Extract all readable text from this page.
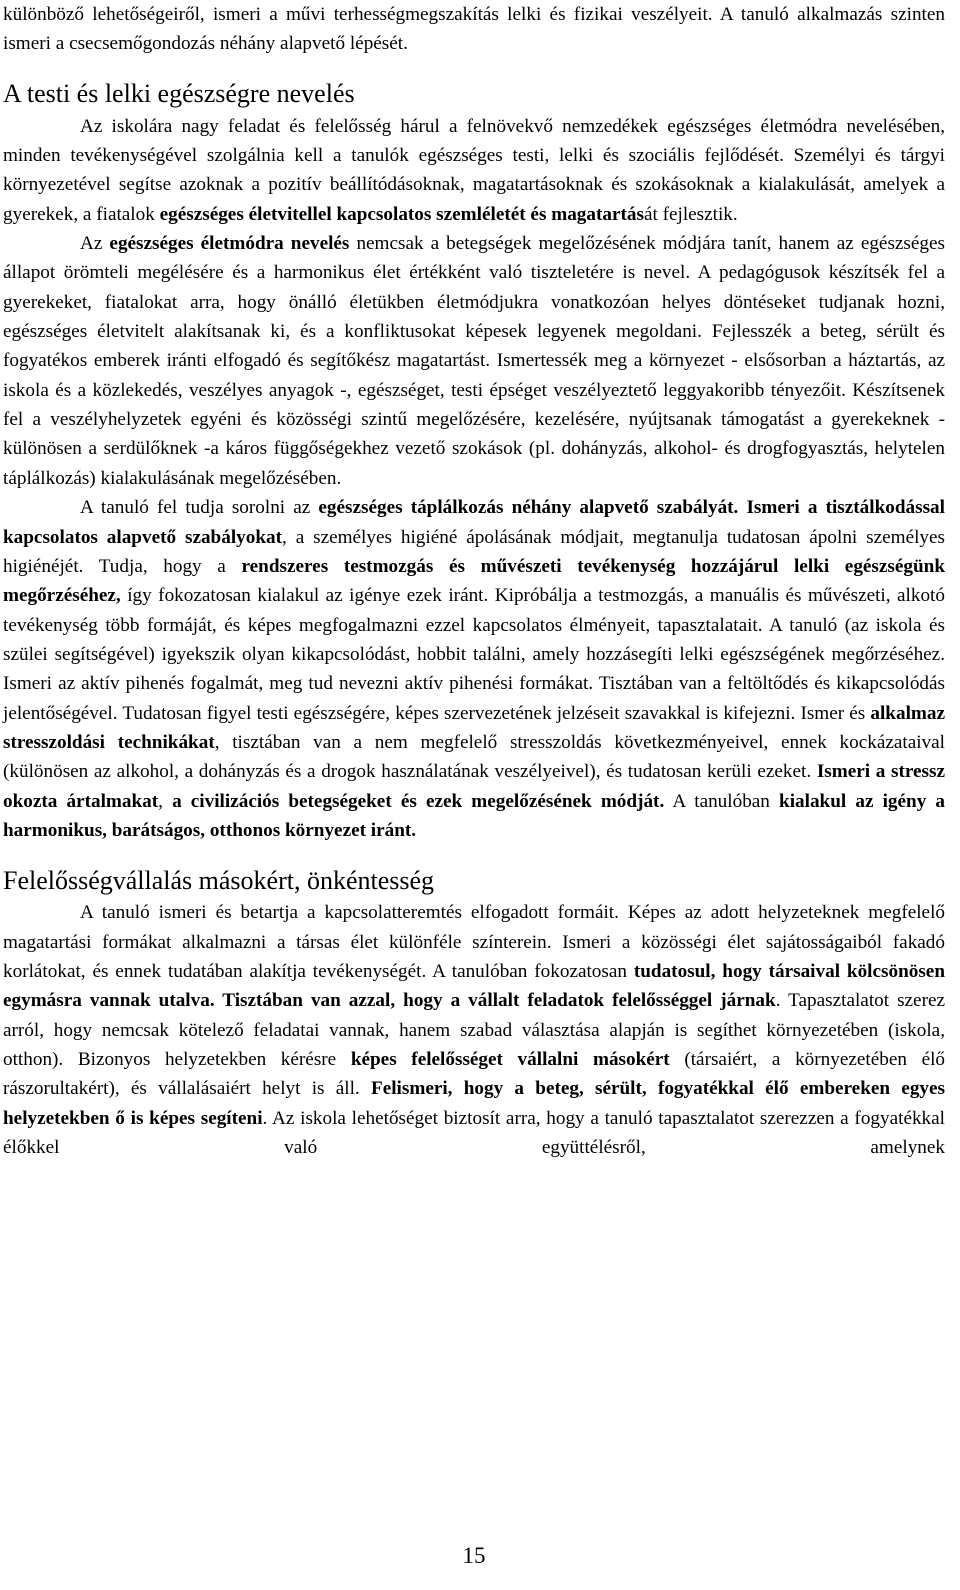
különböző lehetőségeiről, ismeri a művi terhességmegszakítás lelki és fizikai veszélyeit. A tanuló alkalmazás szinten ismeri a csecsemőgondozás néhány alapvető lépését.

A testi és lelki egészségre nevelés

Az iskolára nagy feladat és felelősség hárul a felnövekvő nemzedékek egészséges életmódra nevelésében, minden tevékenységével szolgálnia kell a tanulók egészséges testi, lelki és szociális fejlődését. Személyi és tárgyi környezetével segítse azoknak a pozitív beállítódásoknak, magatartásoknak és szokásoknak a kialakulását, amelyek a gyerekek, a fiatalok egészséges életvitellel kapcsolatos szemléletét és magatartását fejlesztik.

Az egészséges életmódra nevelés nemcsak a betegségek megelőzésének módjára tanít, hanem az egészséges állapot örömteli megélésére és a harmonikus élet értékként való tiszteletére is nevel. A pedagógusok készítsék fel a gyerekeket, fiatalokat arra, hogy önálló életükben életmódjukra vonatkozóan helyes döntéseket tudjanak hozni, egészséges életvitelt alakítsanak ki, és a konfliktusokat képesek legyenek megoldani. Fejlesszék a beteg, sérült és fogyatékos emberek iránti elfogadó és segítőkész magatartást. Ismertessék meg a környezet - elsősorban a háztartás, az iskola és a közlekedés, veszélyes anyagok -, egészséget, testi épséget veszélyeztető leggyakoribb tényezőit. Készítsenek fel a veszélyhelyzetek egyéni és közösségi szintű megelőzésére, kezelésére, nyújtsanak támogatást a gyerekeknek - különösen a serdülőknek -a káros függőségekhez vezető szokások (pl. dohányzás, alkohol- és drogfogyasztás, helytelen táplálkozás) kialakulásának megelőzésében.

A tanuló fel tudja sorolni az egészséges táplálkozás néhány alapvető szabályát. Ismeri a tisztálkodással kapcsolatos alapvető szabályokat, a személyes higiéné ápolásának módjait, megtanulja tudatosan ápolni személyes higiénéjét. Tudja, hogy a rendszeres testmozgás és művészeti tevékenység hozzájárul lelki egészségünk megőrzéséhez, így fokozatosan kialakul az igénye ezek iránt. Kipróbálja a testmozgás, a manuális és művészeti, alkotó tevékenység több formáját, és képes megfogalmazni ezzel kapcsolatos élményeit, tapasztalatait. A tanuló (az iskola és szülei segítségével) igyekszik olyan kikapcsolódást, hobbit találni, amely hozzásegíti lelki egészségének megőrzéséhez. Ismeri az aktív pihenés fogalmát, meg tud nevezni aktív pihenési formákat. Tisztában van a feltöltődés és kikapcsolódás jelentőségével. Tudatosan figyel testi egészségére, képes szervezetének jelzéseit szavakkal is kifejezni. Ismer és alkalmaz stresszoldási technikákat, tisztában van a nem megfelelő stresszoldás következményeivel, ennek kockázataival (különösen az alkohol, a dohányzás és a drogok használatának veszélyeivel), és tudatosan kerüli ezeket. Ismeri a stressz okozta ártalmakat, a civilizációs betegségeket és ezek megelőzésének módját. A tanulóban kialakul az igény a harmonikus, barátságos, otthonos környezet iránt.

Felelősségvállalás másokért, önkéntesség

A tanuló ismeri és betartja a kapcsolatteremtés elfogadott formáit. Képes az adott helyzeteknek megfelelő magatartási formákat alkalmazni a társas élet különféle színterein. Ismeri a közösségi élet sajátosságaiból fakadó korlátokat, és ennek tudatában alakítja tevékenységét. A tanulóban fokozatosan tudatosul, hogy társaival kölcsönösen egymásra vannak utalva. Tisztában van azzal, hogy a vállalt feladatok felelősséggel járnak. Tapasztalatot szerez arról, hogy nemcsak kötelező feladatai vannak, hanem szabad választása alapján is segíthet környezetében (iskola, otthon). Bizonyos helyzetekben kérésre képes felelősséget vállalni másokért (társaiért, a környezetében élő rászorultakért), és vállalásaiért helyt is áll. Felismeri, hogy a beteg, sérült, fogyatékkal élő embereken egyes helyzetekben ő is képes segíteni. Az iskola lehetőséget biztosít arra, hogy a tanuló tapasztalatot szerezzen a fogyatékkal élőkkel való együttélésről, amelynek

15
